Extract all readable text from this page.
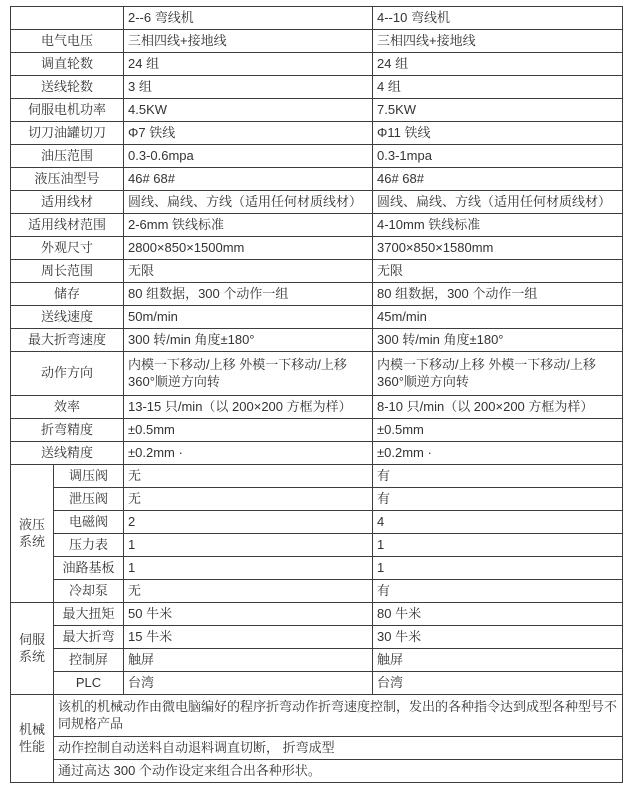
		2--6 弯线机	4--10 弯线机
电气电压		三相四线+接地线	三相四线+接地线
调直轮数		24 组	24 组
送线轮数		3 组	4 组
伺服电机功率		4.5KW	7.5KW
切刀油罐切刀		Φ7 铁线	Φ11 铁线
油压范围		0.3-0.6mpa	0.3-1mpa
液压油型号		46# 68#	46# 68#
适用线材		圆线、扁线、方线（适用任何材质线材）	圆线、扁线、方线（适用任何材质线材）
适用线材范围		2-6mm 铁线标准	4-10mm 铁线标准
外观尺寸		2800×850×1500mm	3700×850×1580mm
周长范围		无限	无限
储存		80 组数据，300 个动作一组	80 组数据，300 个动作一组
送线速度		50m/min	45m/min
最大折弯速度		300 转/min 角度±180°	300 转/min 角度±180°
动作方向		内模一下移动/上移 外模一下移动/上移 360°顺逆方向转	内模一下移动/上移 外模一下移动/上移 360°顺逆方向转
效率		13-15 只/min（以 200×200 方框为样）	8-10 只/min（以 200×200 方框为样）
折弯精度		±0.5mm	±0.5mm
送线精度		±0.2mm ·	±0.2mm ·
液压系统	调压阀	无	有
	泄压阀	无	有
	电磁阀	2	4
	压力表	1	1
	油路基板	1	1
	冷却泵	无	有
伺服系统	最大扭矩	50 牛米	80 牛米
	最大折弯	15 牛米	30 牛米
	控制屏	触屏	触屏
	PLC	台湾	台湾
机械性能	该机的机械动作由微电脑编好的程序折弯动作折弯速度控制，发出的各种指令达到成型各种型号不同规格产品		
	动作控制自动送料自动退料调直切断， 折弯成型		
	通过高达 300 个动作设定来组合出各种形状。		
